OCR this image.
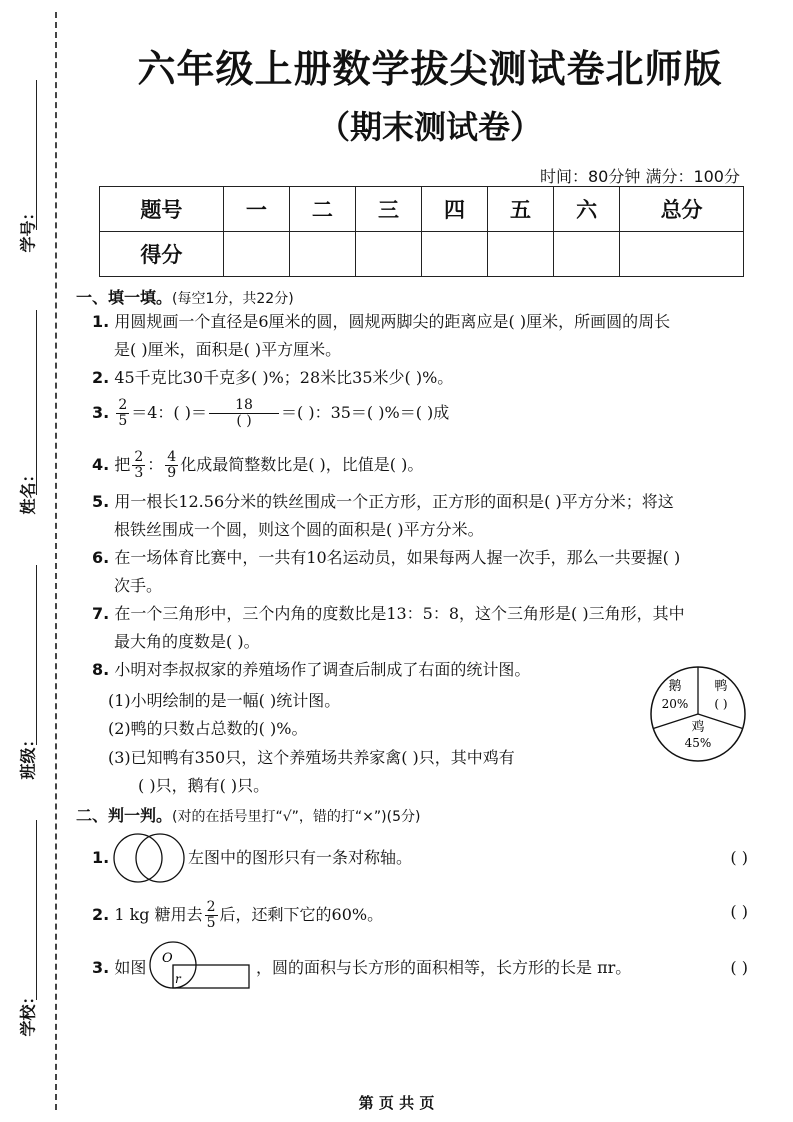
学号：
姓名：
班级：
学校：
六年级上册数学拔尖测试卷北师版
（期末测试卷）
时间：80分钟 满分：100分
题号	一	二	三	四	五	六	总分
得分							
一、填一填。(每空1分，共22分)
1. 用圆规画一个直径是6厘米的圆，圆规两脚尖的距离应是( )厘米，所画圆的周长
是( )厘米，面积是( )平方厘米。
2. 45千克比30千克多( )%；28米比35米少( )%。
3. $\frac{2}{5} =4$：( )＝ $\frac{18}{( )}$ ＝( )：35＝( )%＝( )成
4. 把 $\frac{2}{3}$ ： $\frac{4}{9}$ 化成最简整数比是( )，比值是( )。
5. 用一根长12.56分米的铁丝围成一个正方形，正方形的面积是( )平方分米；将这
根铁丝围成一个圆，则这个圆的面积是( )平方分米。
6. 在一场体育比赛中，一共有10名运动员，如果每两人握一次手，那么一共要握( )
次手。
7. 在一个三角形中，三个内角的度数比是13：5：8，这个三角形是( )三角形，其中
最大角的度数是( )。
8. 小明对李叔叔家的养殖场作了调查后制成了右面的统计图。
(1)小明绘制的是一幅( )统计图。
(2)鸭的只数占总数的( )%。
(3)已知鸭有350只，这个养殖场共养家禽( )只，其中鸡有
( )只，鹅有( )只。
鹅
20%
鸭
( )
鸡
45%
二、判一判。(对的在括号里打“√”，错的打“×”)(5分)
1.	左图中的图形只有一条对称轴。	( )
2. 1 kg 糖用去 $\frac{2}{5}$ 后，还剩下它的60%。	( )
3. 如图 O
r
，圆的面积与长方形的面积相等，长方形的长是 πr。	( )
第 页 共 页
